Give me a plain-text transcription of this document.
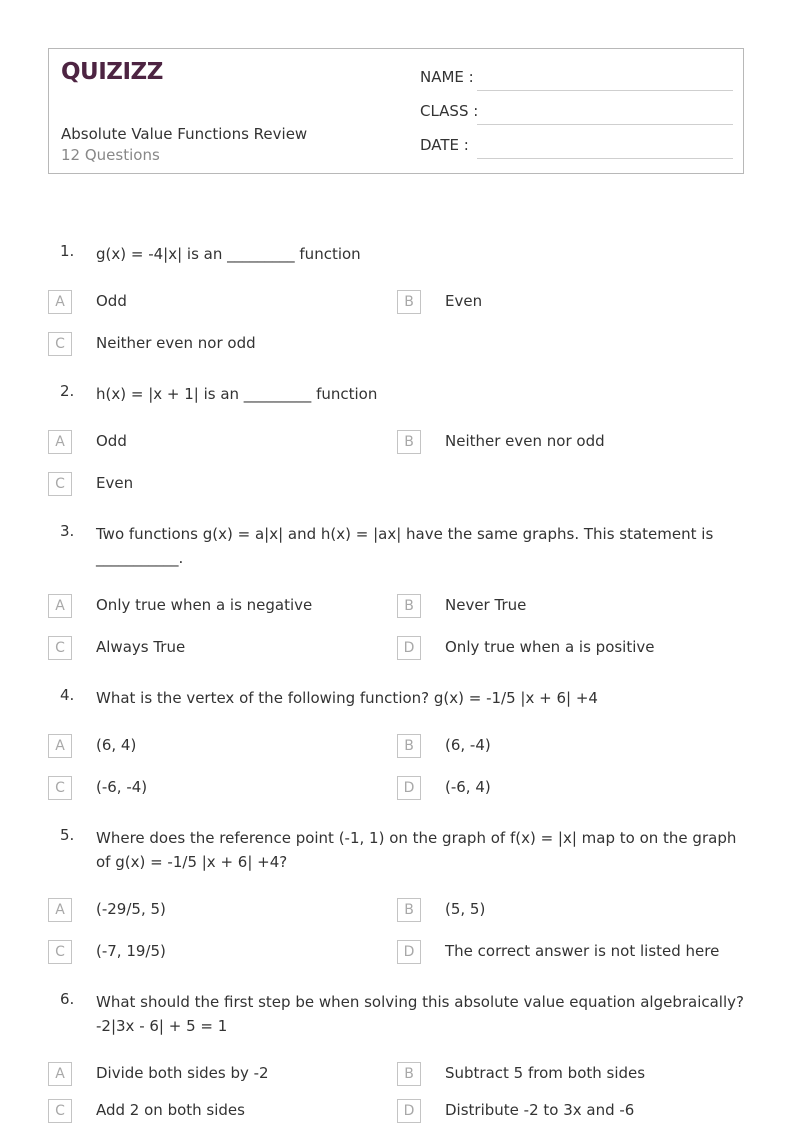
QUIZIZZ
Absolute Value Functions Review
12 Questions
NAME :
CLASS :
DATE :
1. g(x) = -4|x| is an _________ function
A	Odd	B	Even
C	Neither even nor odd
2. h(x) = |x + 1| is an _________ function
A	Odd	B	Neither even nor odd
C	Even
3. Two functions g(x) = a|x| and h(x) = |ax| have the same graphs. This statement is ___________.
A	Only true when a is negative	B	Never True
C	Always True	D	Only true when a is positive
4. What is the vertex of the following function? g(x) = -1/5 |x + 6| +4
A	(6, 4)	B	(6, -4)
C	(-6, -4)	D	(-6, 4)
5. Where does the reference point (-1, 1) on the graph of f(x) = |x| map to on the graph of g(x) = -1/5 |x + 6| +4?
A	(-29/5, 5)	B	(5, 5)
C	(-7, 19/5)	D	The correct answer is not listed here
6. What should the first step be when solving this absolute value equation algebraically? -2|3x - 6| + 5 = 1
A	Divide both sides by -2	B	Subtract 5 from both sides
C	Add 2 on both sides	D	Distribute -2 to 3x and -6
